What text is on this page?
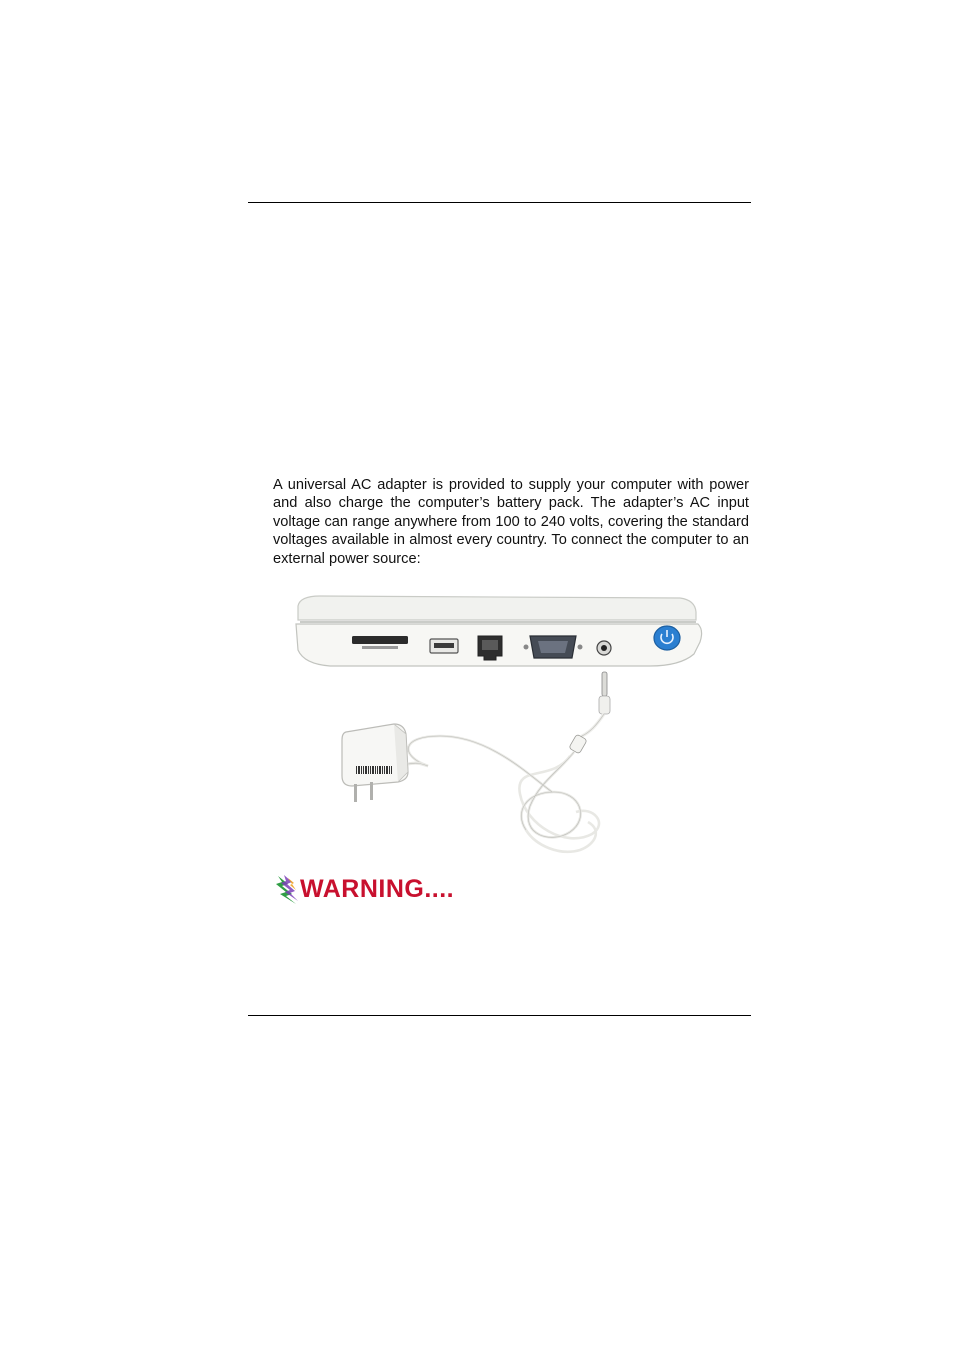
A universal AC adapter is provided to supply your computer with power and also charge the computer’s battery pack. The adapter’s AC input voltage can range anywhere from 100 to 240 volts, covering the standard voltages available in almost every country. To connect the computer to an external power source:

WARNING....
